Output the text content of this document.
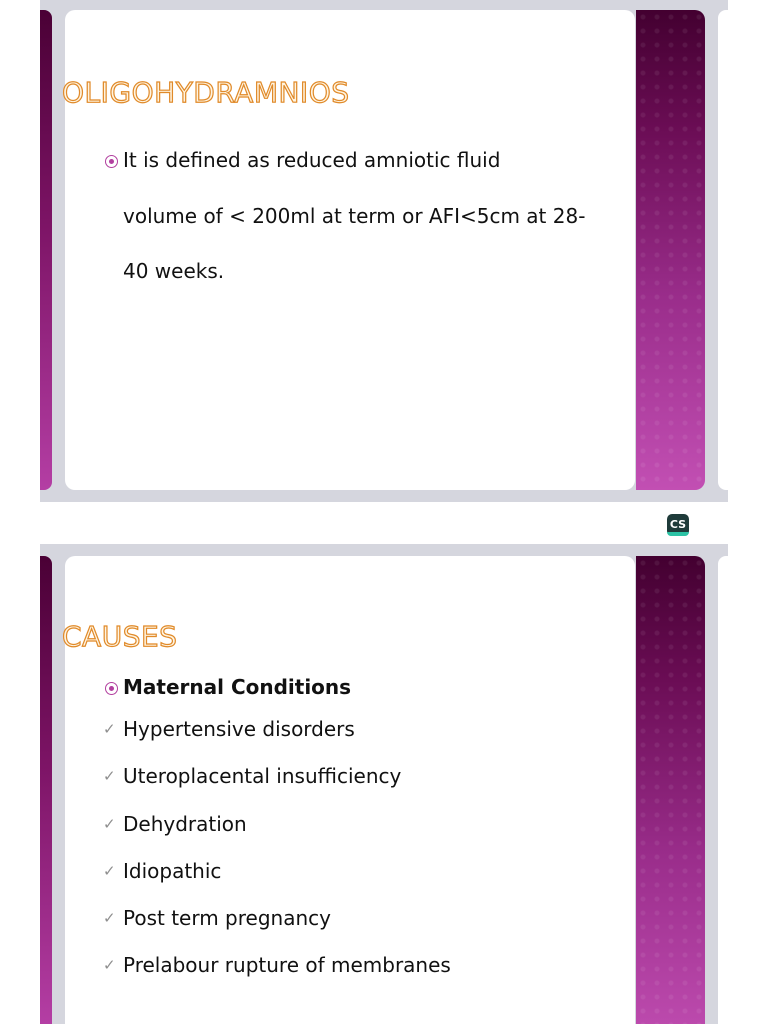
OLIGOHYDRAMNIOS
It is defined as reduced amniotic fluid
volume of < 200ml at term or AFI<5cm at 28-
40 weeks.
CS
CAUSES
Maternal Conditions
✓ Hypertensive disorders
✓ Uteroplacental insufficiency
✓ Dehydration
✓ Idiopathic
✓ Post term pregnancy
✓ Prelabour rupture of membranes
